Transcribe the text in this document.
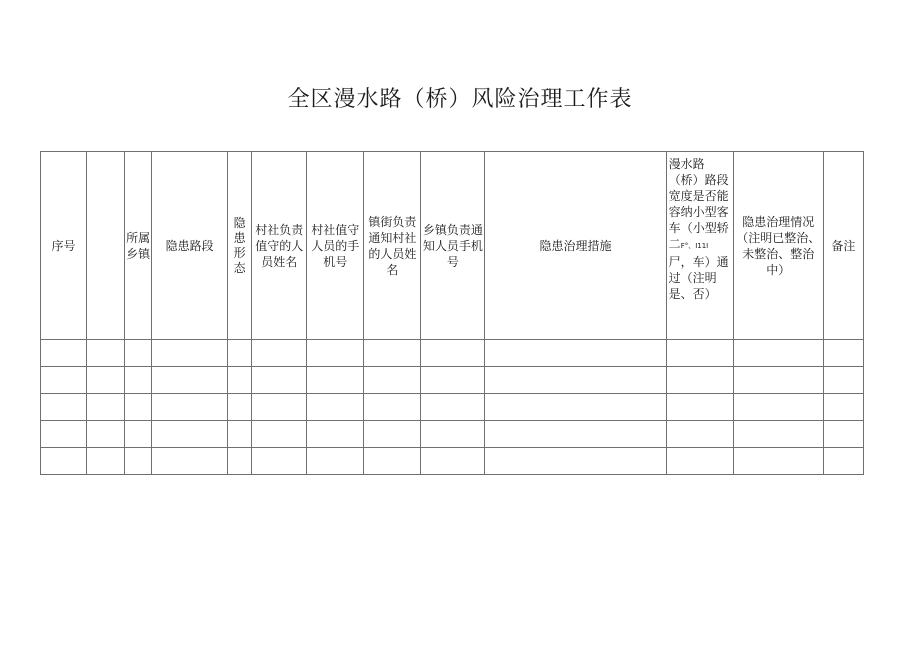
全区漫水路（桥）风险治理工作表
序号		所属乡镇	隐患路段	隐患形态	村社负责值守的人员姓名	村社值守人员的手机号	镇街负责通知村社的人员姓名	乡镇负责通知人员手机号	隐患治理措施	漫水路（桥）路段宽度是否能容纳小型客车（小型轿二F°、I11I尸，车）通过（注明是、否）	隐患治理情况（注明已整治、未整治、整治中）	备注
